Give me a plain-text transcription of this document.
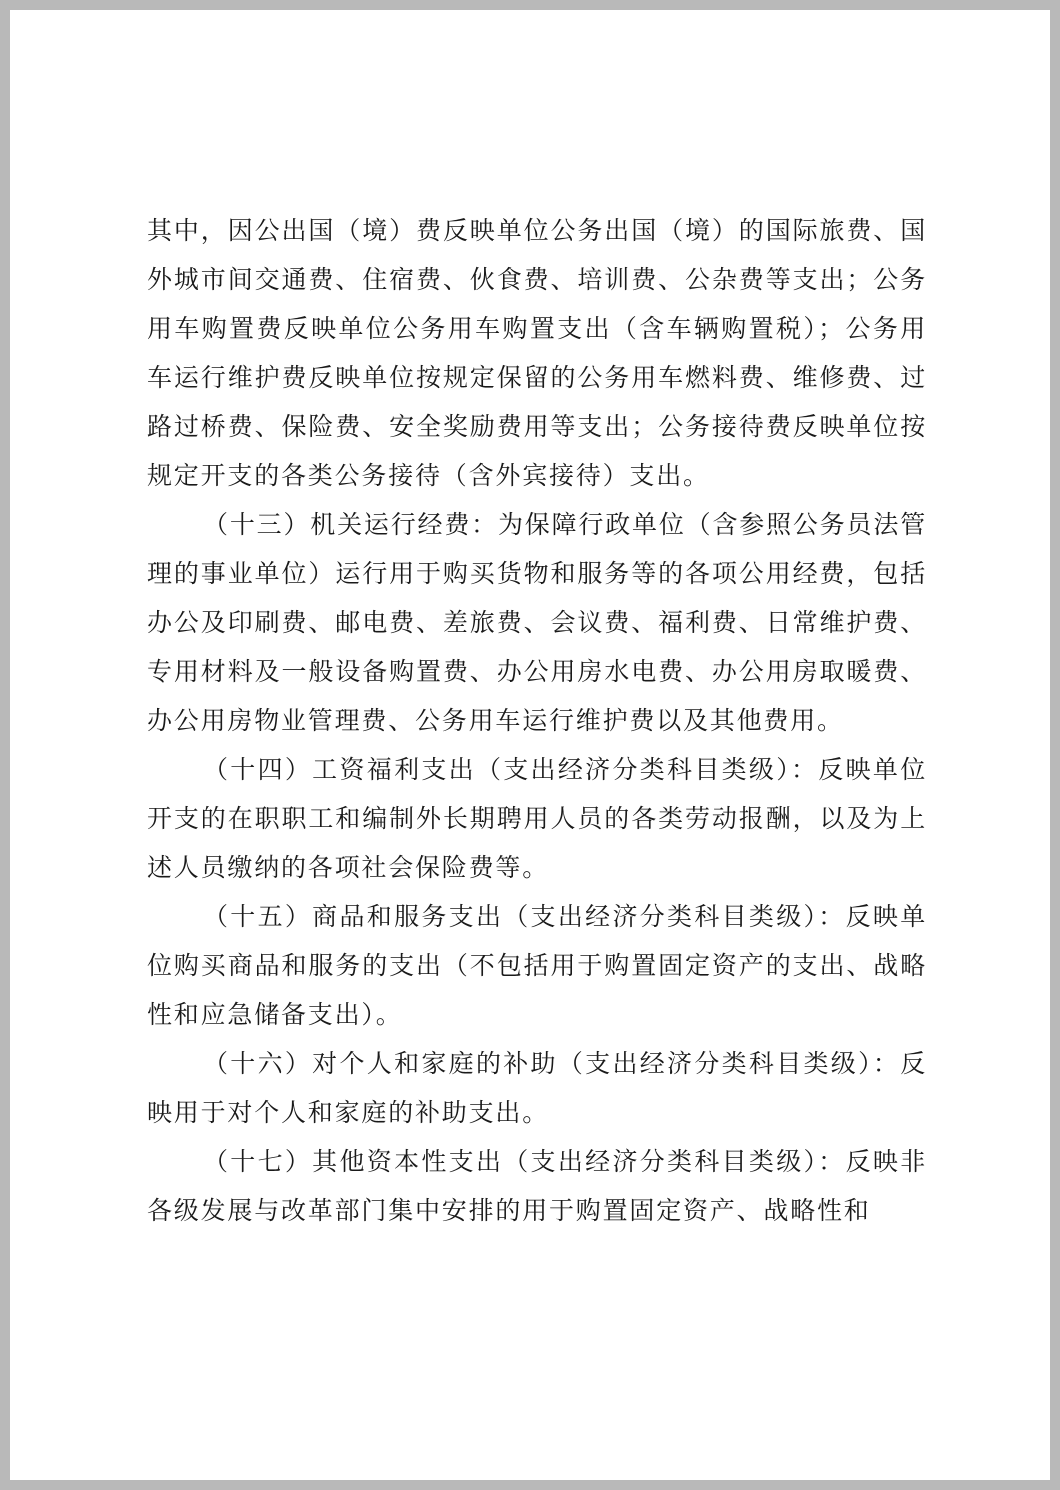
其中，因公出国（境）费反映单位公务出国（境）的国际旅费、国外城市间交通费、住宿费、伙食费、培训费、公杂费等支出；公务用车购置费反映单位公务用车购置支出（含车辆购置税）；公务用车运行维护费反映单位按规定保留的公务用车燃料费、维修费、过路过桥费、保险费、安全奖励费用等支出；公务接待费反映单位按规定开支的各类公务接待（含外宾接待）支出。

（十三）机关运行经费：为保障行政单位（含参照公务员法管理的事业单位）运行用于购买货物和服务等的各项公用经费，包括办公及印刷费、邮电费、差旅费、会议费、福利费、日常维护费、专用材料及一般设备购置费、办公用房水电费、办公用房取暖费、办公用房物业管理费、公务用车运行维护费以及其他费用。

（十四）工资福利支出（支出经济分类科目类级）：反映单位开支的在职职工和编制外长期聘用人员的各类劳动报酬，以及为上述人员缴纳的各项社会保险费等。

（十五）商品和服务支出（支出经济分类科目类级）：反映单位购买商品和服务的支出（不包括用于购置固定资产的支出、战略性和应急储备支出）。

（十六）对个人和家庭的补助（支出经济分类科目类级）：反映用于对个人和家庭的补助支出。

（十七）其他资本性支出（支出经济分类科目类级）：反映非各级发展与改革部门集中安排的用于购置固定资产、战略性和
